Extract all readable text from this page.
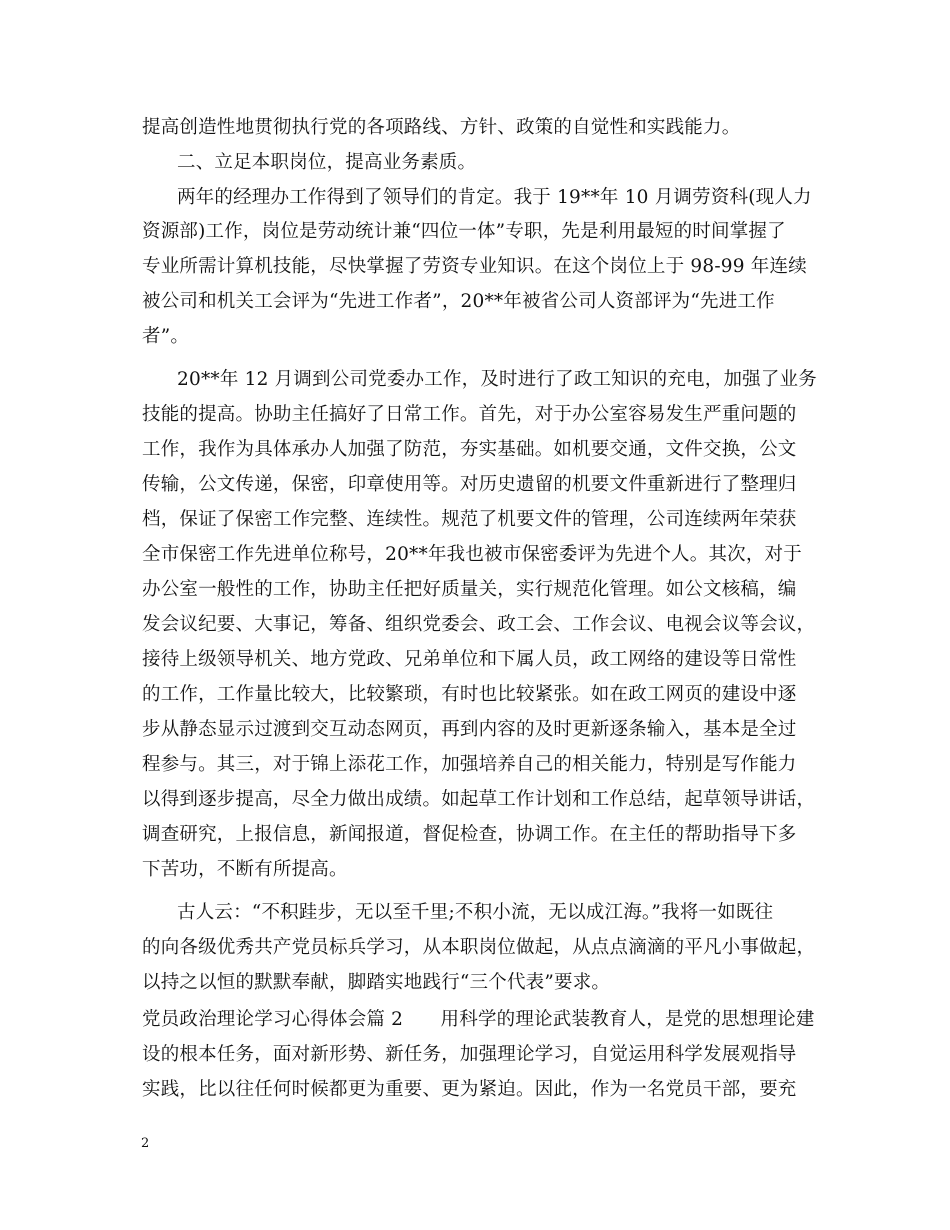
提高创造性地贯彻执行党的各项路线、方针、政策的自觉性和实践能力。
二、立足本职岗位，提高业务素质。
两年的经理办工作得到了领导们的肯定。我于 19**年 10 月调劳资科(现人力
资源部)工作，岗位是劳动统计兼“四位一体”专职，先是利用最短的时间掌握了
专业所需计算机技能，尽快掌握了劳资专业知识。在这个岗位上于 98-99 年连续
被公司和机关工会评为“先进工作者”，20**年被省公司人资部评为“先进工作
者”。
20**年 12 月调到公司党委办工作，及时进行了政工知识的充电，加强了业务
技能的提高。协助主任搞好了日常工作。首先，对于办公室容易发生严重问题的
工作，我作为具体承办人加强了防范，夯实基础。如机要交通，文件交换，公文
传输，公文传递，保密，印章使用等。对历史遗留的机要文件重新进行了整理归
档，保证了保密工作完整、连续性。规范了机要文件的管理，公司连续两年荣获
全市保密工作先进单位称号，20**年我也被市保密委评为先进个人。其次，对于
办公室一般性的工作，协助主任把好质量关，实行规范化管理。如公文核稿，编
发会议纪要、大事记，筹备、组织党委会、政工会、工作会议、电视会议等会议，
接待上级领导机关、地方党政、兄弟单位和下属人员，政工网络的建设等日常性
的工作，工作量比较大，比较繁琐，有时也比较紧张。如在政工网页的建设中逐
步从静态显示过渡到交互动态网页，再到内容的及时更新逐条输入，基本是全过
程参与。其三，对于锦上添花工作，加强培养自己的相关能力，特别是写作能力
以得到逐步提高，尽全力做出成绩。如起草工作计划和工作总结，起草领导讲话，
调查研究，上报信息，新闻报道，督促检查，协调工作。在主任的帮助指导下多
下苦功，不断有所提高。
古人云：“不积跬步，无以至千里;不积小流，无以成江海。”我将一如既往
的向各级优秀共产党员标兵学习，从本职岗位做起，从点点滴滴的平凡小事做起，
以持之以恒的默默奉献，脚踏实地践行“三个代表”要求。
党员政治理论学习心得体会篇 2　　用科学的理论武装教育人，是党的思想理论建
设的根本任务，面对新形势、新任务，加强理论学习，自觉运用科学发展观指导
实践，比以往任何时候都更为重要、更为紧迫。因此，作为一名党员干部，要充
2
